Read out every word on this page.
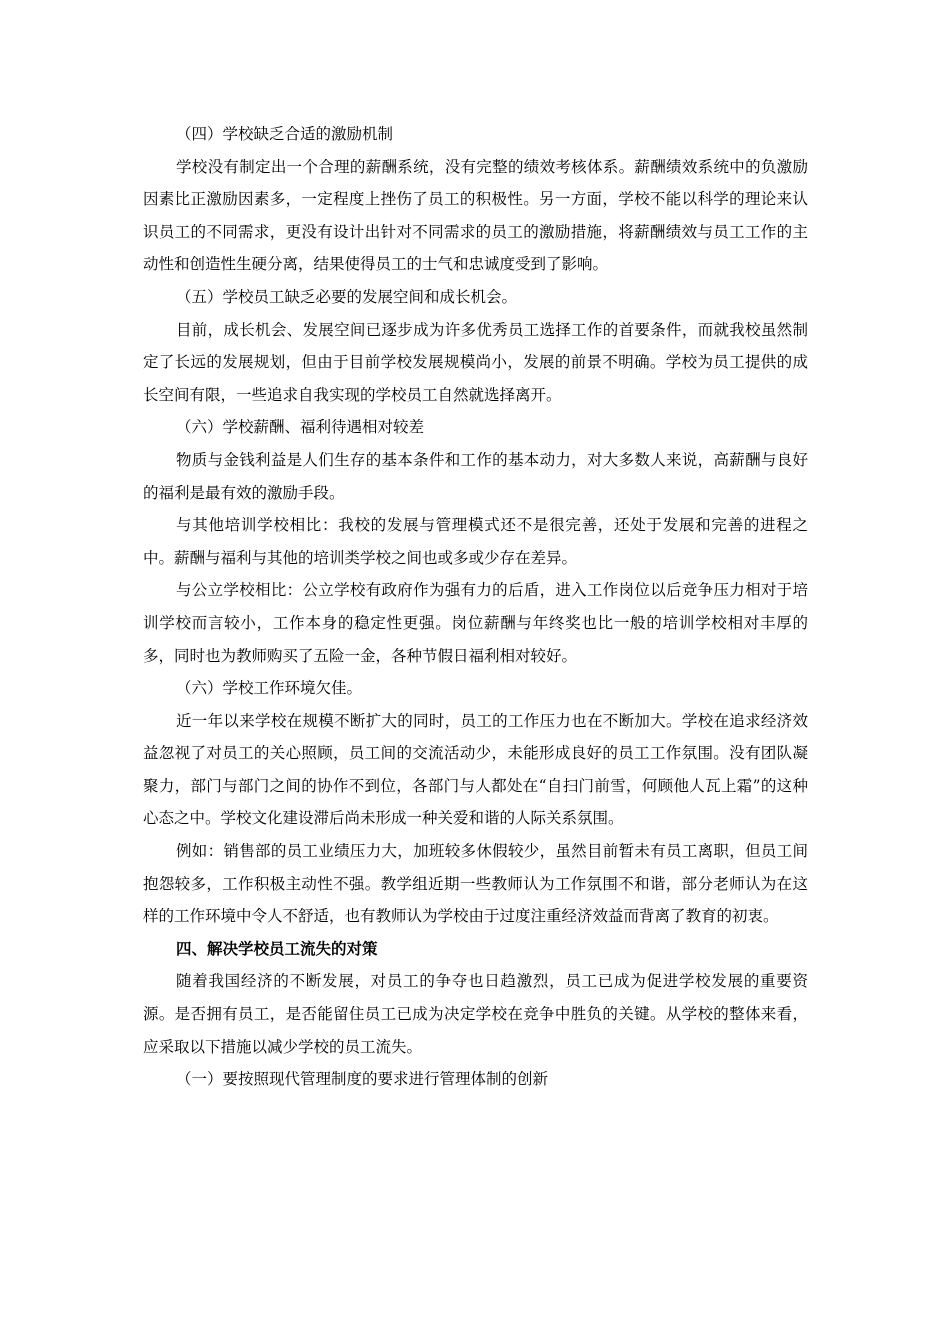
（四）学校缺乏合适的激励机制

学校没有制定出一个合理的薪酬系统，没有完整的绩效考核体系。薪酬绩效系统中的负激励因素比正激励因素多，一定程度上挫伤了员工的积极性。另一方面，学校不能以科学的理论来认识员工的不同需求，更没有设计出针对不同需求的员工的激励措施，将薪酬绩效与员工工作的主动性和创造性生硬分离，结果使得员工的士气和忠诚度受到了影响。

（五）学校员工缺乏必要的发展空间和成长机会。

目前，成长机会、发展空间已逐步成为许多优秀员工选择工作的首要条件，而就我校虽然制定了长远的发展规划，但由于目前学校发展规模尚小，发展的前景不明确。学校为员工提供的成长空间有限，一些追求自我实现的学校员工自然就选择离开。

（六）学校薪酬、福利待遇相对较差

物质与金钱利益是人们生存的基本条件和工作的基本动力，对大多数人来说，高薪酬与良好的福利是最有效的激励手段。

与其他培训学校相比：我校的发展与管理模式还不是很完善，还处于发展和完善的进程之中。薪酬与福利与其他的培训类学校之间也或多或少存在差异。

与公立学校相比：公立学校有政府作为强有力的后盾，进入工作岗位以后竞争压力相对于培训学校而言较小，工作本身的稳定性更强。岗位薪酬与年终奖也比一般的培训学校相对丰厚的多，同时也为教师购买了五险一金，各种节假日福利相对较好。

（六）学校工作环境欠佳。

近一年以来学校在规模不断扩大的同时，员工的工作压力也在不断加大。学校在追求经济效益忽视了对员工的关心照顾，员工间的交流活动少，未能形成良好的员工工作氛围。没有团队凝聚力，部门与部门之间的协作不到位，各部门与人都处在“自扫门前雪，何顾他人瓦上霜”的这种心态之中。学校文化建设滞后尚未形成一种关爱和谐的人际关系氛围。

例如：销售部的员工业绩压力大，加班较多休假较少，虽然目前暂未有员工离职，但员工间抱怨较多，工作积极主动性不强。教学组近期一些教师认为工作氛围不和谐，部分老师认为在这样的工作环境中令人不舒适，也有教师认为学校由于过度注重经济效益而背离了教育的初衷。

四、解决学校员工流失的对策

随着我国经济的不断发展，对员工的争夺也日趋激烈，员工已成为促进学校发展的重要资源。是否拥有员工，是否能留住员工已成为决定学校在竞争中胜负的关键。从学校的整体来看，应采取以下措施以减少学校的员工流失。

（一）要按照现代管理制度的要求进行管理体制的创新
